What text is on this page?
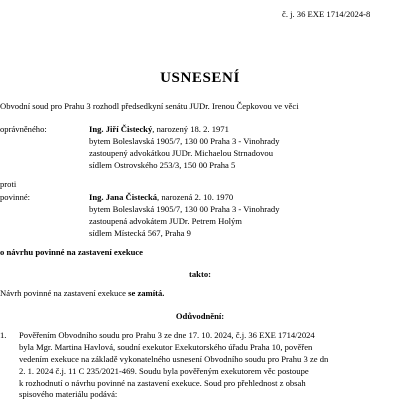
č. j. 36 EXE 1714/2024-8
USNESENÍ
Obvodní soud pro Prahu 3 rozhodl předsedkyní senátu JUDr. Irenou Čepkovou ve věci
oprávněného:	Ing. Jiří Čistecký, narozený 18. 2. 1971
bytem Boleslavská 1905/7, 130 00 Praha 3 - Vinohrady
zastoupený advokátkou JUDr. Michaelou Strnadovou
sídlem Ostrovského 253/3, 150 00 Praha 5
proti
povinné:	Ing. Jana Čistecká, narozená 2. 10. 1970
bytem Boleslavská 1905/7, 130 00 Praha 3 - Vinohrady
zastoupená advokátem JUDr. Petrem Holým
sídlem Místecká 567, Praha 9
o návrhu povinné na zastavení exekuce
takto:
Návrh povinné na zastavení exekuce se zamítá.
Odůvodnění:
1. Pověřením Obvodního soudu pro Prahu 3 ze dne 17. 10. 2024, č.j. 36 EXE 1714/2024

byla Mgr. Martina Havlová, soudní exekutor Exekutorského úřadu Praha 10, pověřen

vedením exekuce na základě vykonatelného usnesení Obvodního soudu pro Prahu 3 ze dn

2. 1. 2024 č.j. 11 C 235/2021-469. Soudu byla pověřeným exekutorem věc postoupe

k rozhodnutí o návrhu povinné na zastavení exekuce. Soud pro přehlednost z obsah

spisového materiálu podává:
